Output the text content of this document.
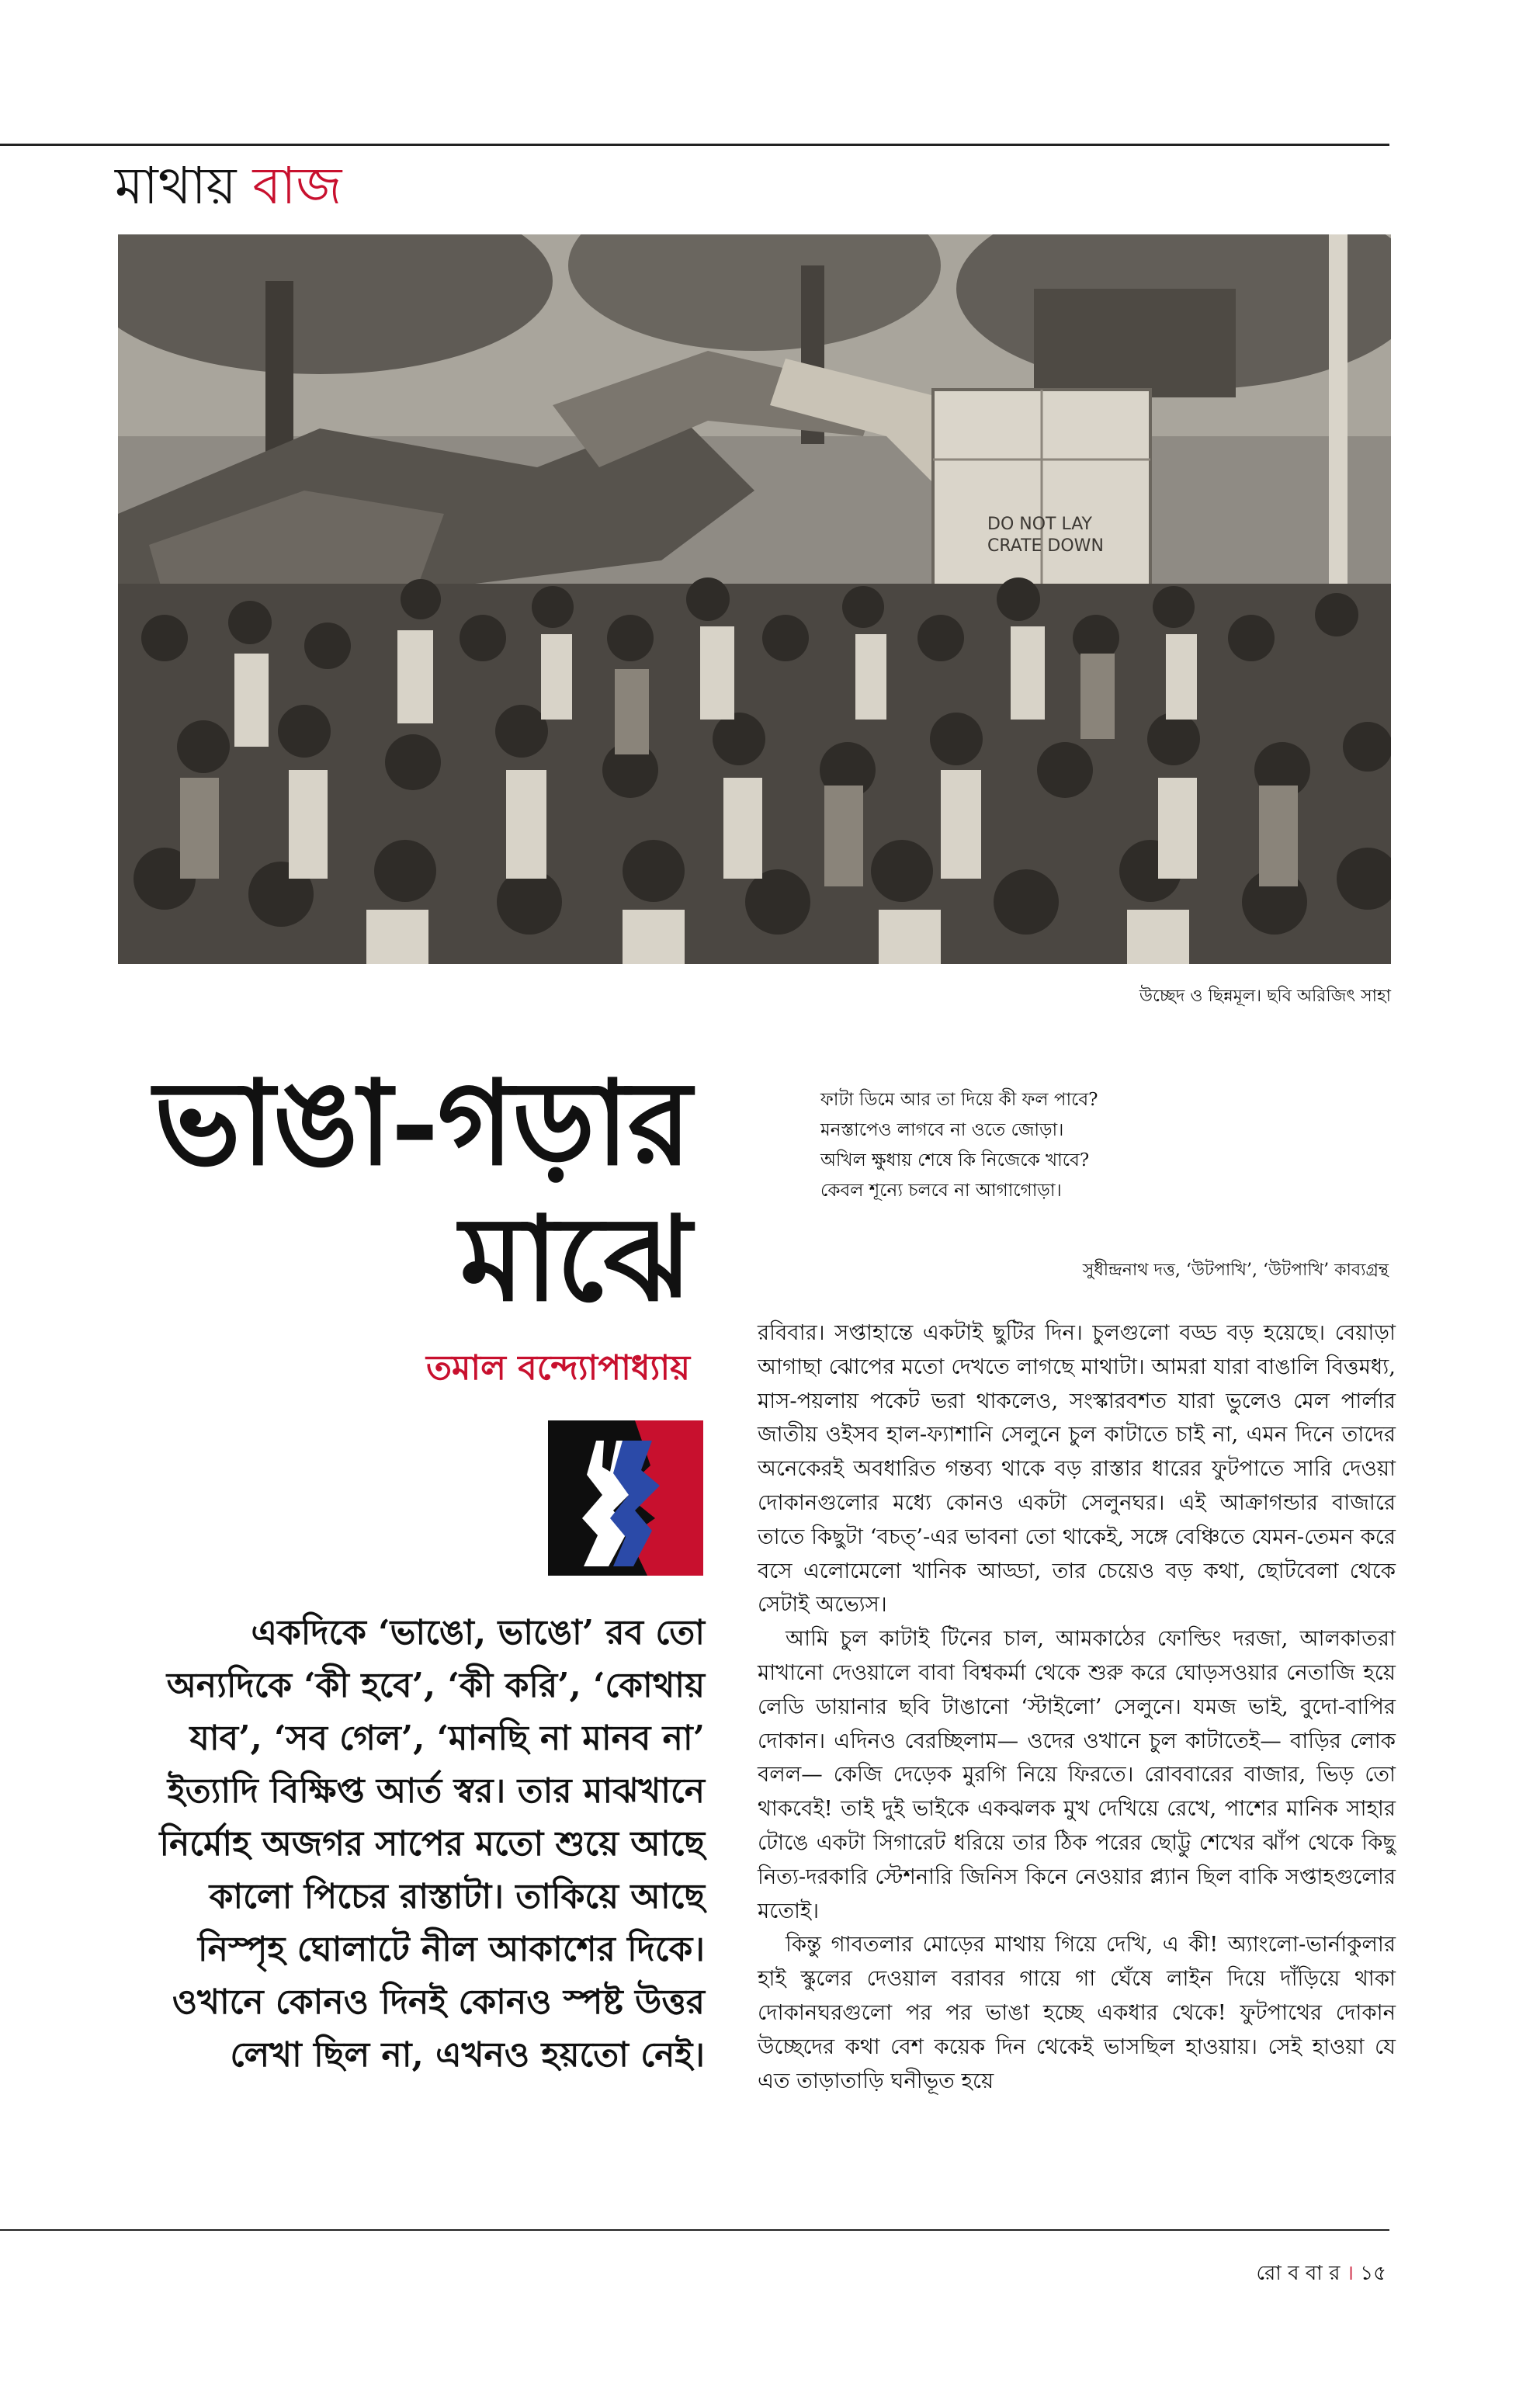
মাথায় বাজ
DO NOT LAY
CRATE DOWN
উচ্ছেদ ও ছিন্নমূল। ছবি অরিজিৎ সাহা
ভাঙা-গড়ার
মাঝে
তমাল বন্দ্যোপাধ্যায়
একদিকে ‘ভাঙো, ভাঙো’ রব তো অন্যদিকে ‘কী হবে’, ‘কী করি’, ‘কোথায় যাব’, ‘সব গেল’, ‘মানছি না মানব না’ ইত্যাদি বিক্ষিপ্ত আর্ত স্বর। তার মাঝখানে নির্মোহ অজগর সাপের মতো শুয়ে আছে কালো পিচের রাস্তাটা। তাকিয়ে আছে নিস্পৃহ ঘোলাটে নীল আকাশের দিকে। ওখানে কোনও দিনই কোনও স্পষ্ট উত্তর লেখা ছিল না, এখনও হয়তো নেই।
ফাটা ডিমে আর তা দিয়ে কী ফল পাবে?
মনস্তাপেও লাগবে না ওতে জোড়া।
অখিল ক্ষুধায় শেষে কি নিজেকে খাবে?
কেবল শূন্যে চলবে না আগাগোড়া।
সুধীন্দ্রনাথ দত্ত, ‘উটপাখি’, ‘উটপাখি’ কাব্যগ্রন্থ

রবিবার। সপ্তাহান্তে একটাই ছুটির দিন। চুলগুলো বড্ড বড় হয়েছে। বেয়াড়া আগাছা ঝোপের মতো দেখতে লাগছে মাথাটা। আমরা যারা বাঙালি বিত্তমধ্য, মাস-পয়লায় পকেট ভরা থাকলেও, সংস্কারবশত যারা ভুলেও মেল পার্লার জাতীয় ওইসব হাল-ফ্যাশানি সেলুনে চুল কাটাতে চাই না, এমন দিনে তাদের অনেকেরই অবধারিত গন্তব্য থাকে বড় রাস্তার ধারের ফুটপাতে সারি দেওয়া দোকানগুলোর মধ্যে কোনও একটা সেলুনঘর। এই আক্রাগন্ডার বাজারে তাতে কিছুটা ‘বচত্’-এর ভাবনা তো থাকেই, সঙ্গে বেঞ্চিতে যেমন-তেমন করে বসে এলোমেলো খানিক আড্ডা, তার চেয়েও বড় কথা, ছোটবেলা থেকে সেটাই অভ্যেস।

আমি চুল কাটাই টিনের চাল, আমকাঠের ফোল্ডিং দরজা, আলকাতরা মাখানো দেওয়ালে বাবা বিশ্বকর্মা থেকে শুরু করে ঘোড়সওয়ার নেতাজি হয়ে লেডি ডায়ানার ছবি টাঙানো ‘স্টাইলো’ সেলুনে। যমজ ভাই, বুদো-বাপির দোকান। এদিনও বেরচ্ছিলাম— ওদের ওখানে চুল কাটাতেই— বাড়ির লোক বলল— কেজি দেড়েক মুরগি নিয়ে ফিরতে। রোববারের বাজার, ভিড় তো থাকবেই! তাই দুই ভাইকে একঝলক মুখ দেখিয়ে রেখে, পাশের মানিক সাহার টোঙে একটা সিগারেট ধরিয়ে তার ঠিক পরের ছোট্টু শেখের ঝাঁপ থেকে কিছু নিত্য-দরকারি স্টেশনারি জিনিস কিনে নেওয়ার প্ল্যান ছিল বাকি সপ্তাহগুলোর মতোই।

কিন্তু গাবতলার মোড়ের মাথায় গিয়ে দেখি, এ কী! অ্যাংলো-ভার্নাকুলার হাই স্কুলের দেওয়াল বরাবর গায়ে গা ঘেঁষে লাইন দিয়ে দাঁড়িয়ে থাকা দোকানঘরগুলো পর পর ভাঙা হচ্ছে একধার থেকে! ফুটপাথের দোকান উচ্ছেদের কথা বেশ কয়েক দিন থেকেই ভাসছিল হাওয়ায়। সেই হাওয়া যে এত তাড়াতাড়ি ঘনীভূত হয়ে

রো ব বা র । ১৫
